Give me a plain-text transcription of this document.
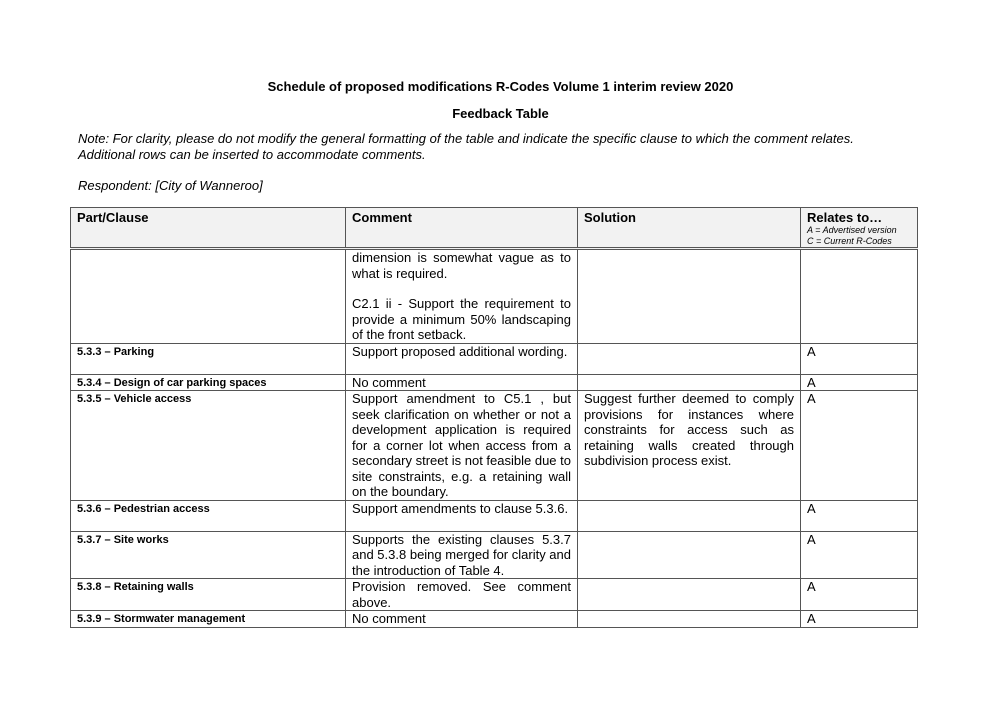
Schedule of proposed modifications R-Codes Volume 1 interim review 2020
Feedback Table
Note: For clarity, please do not modify the general formatting of the table and indicate the specific clause to which the comment relates.
Additional rows can be inserted to accommodate comments.
Respondent: [City of Wanneroo]
Part/Clause	Comment	Solution	Relates to…
A = Advertised version
C = Current R-Codes

	dimension is somewhat vague as to what is required.
C2.1 ii - Support the requirement to provide a minimum 50% landscaping of the front setback.		

5.3.3 – Parking	Support proposed additional wording.		A
5.3.4 – Design of car parking spaces	No comment		A
5.3.5 – Vehicle access	Support amendment to C5.1 , but seek clarification on whether or not a development application is required for a corner lot when access from a secondary street is not feasible due to site constraints, e.g. a retaining wall on the boundary.	Suggest further deemed to comply provisions for instances where constraints for access such as retaining walls created through subdivision process exist.	A
5.3.6 – Pedestrian access	Support amendments to clause 5.3.6.		A
5.3.7 – Site works	Supports the existing clauses 5.3.7 and 5.3.8 being merged for clarity and the introduction of Table 4.		A
5.3.8 – Retaining walls	Provision removed. See comment above.		A
5.3.9 – Stormwater management	No comment		A
